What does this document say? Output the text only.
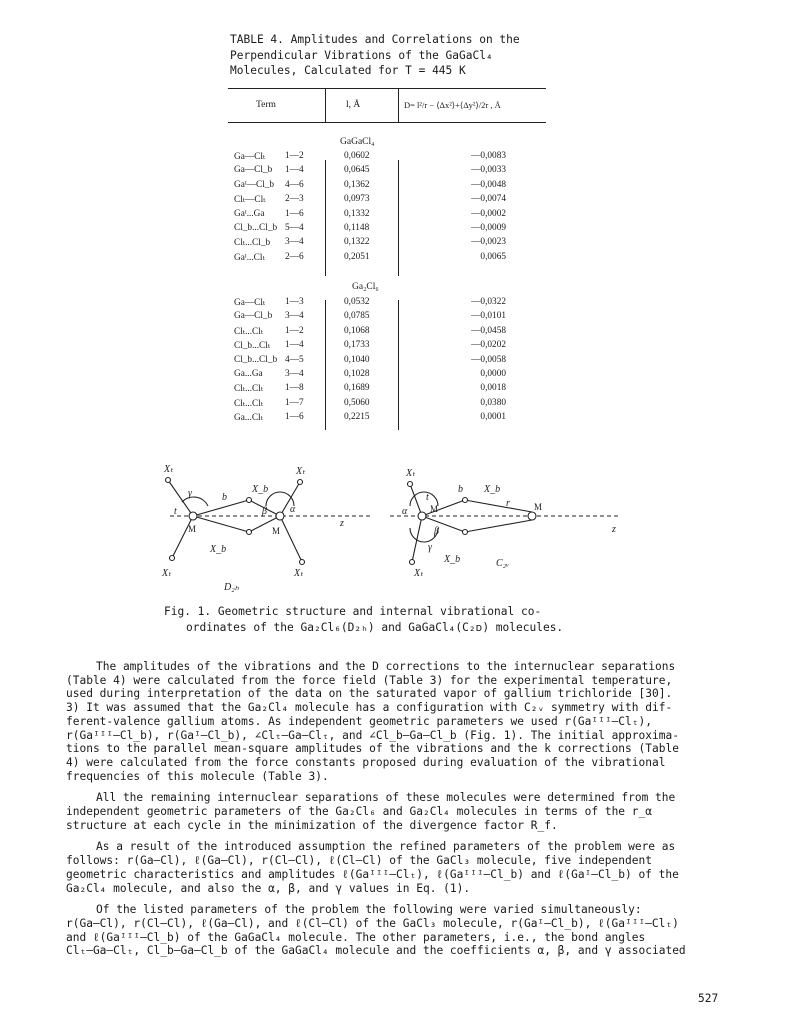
TABLE 4. Amplitudes and Correlations on the
Perpendicular Vibrations of the GaGaCl₄
Molecules, Calculated for T = 445 K
Term	l, Å	D= l²/r − ⟨Δx²⟩+⟨Δy²⟩/2r , Å
GaGaCl₄
Ga—Clₜ 1—2	0,0602	—0,0083
Ga—Cl_b 1—4	0,0645	—0,0033
Gaᴵ—Cl_b 4—6	0,1362	—0,0048
Clₜ—Clₜ 2—3	0,0973	—0,0074
Gaᴵ...Ga 1—6	0,1332	—0,0002
Cl_b...Cl_b 5—4	0,1148	—0,0009
Clₜ...Cl_b 3—4	0,1322	—0,0023
Gaᴵ...Clₜ 2—6	0,2051	0,0065
Ga₂Cl₆
Ga—Clₜ 1—3	0,0532	—0,0322
Ga—Cl_b 3—4	0,0785	—0,0101
Clₜ...Clₜ 1—2	0,1068	—0,0458
Cl_b...Clₜ 1—4	0,1733	—0,0202
Cl_b...Cl_b 4—5	0,1040	—0,0058
Ga...Ga 3—4	0,1028	0,0000
Clₜ...Clₜ 1—8	0,1689	0,0018
Clₜ...Clₜ 1—7	0,5060	0,0380
Ga...Clₜ 1—6	0,2215	0,0001
Xₜ
X_b
Xₜ
X_b
Xₜ	Xₜ
t
γ	b
β α
M	M
z
D₂ₕ
Xₜ
t
b X_b
r
α	M	M
β
γ
X_b
Xₜ
z
C₂ᵥ
Fig. 1. Geometric structure and internal vibrational co-
ordinates of the Ga₂Cl₆(D₂ₕ) and GaGaCl₄(C₂ᴅ) molecules.
The amplitudes of the vibrations and the D corrections to the internuclear separations
(Table 4) were calculated from the force field (Table 3) for the experimental temperature,
used during interpretation of the data on the saturated vapor of gallium trichloride [30].
3) It was assumed that the Ga₂Cl₄ molecule has a configuration with C₂ᵥ symmetry with dif-
ferent-valence gallium atoms. As independent geometric parameters we used r(Gaᴵᴵᴵ–Clₜ),
r(Gaᴵᴵᴵ–Cl_b), r(Gaᴵ–Cl_b), ∠Clₜ–Ga–Clₜ, and ∠Cl_b–Ga–Cl_b (Fig. 1). The initial approxima-
tions to the parallel mean-square amplitudes of the vibrations and the k corrections (Table
4) were calculated from the force constants proposed during evaluation of the vibrational
frequencies of this molecule (Table 3).
All the remaining internuclear separations of these molecules were determined from the
independent geometric parameters of the Ga₂Cl₆ and Ga₂Cl₄ molecules in terms of the r_α
structure at each cycle in the minimization of the divergence factor R_f.
As a result of the introduced assumption the refined parameters of the problem were as
follows: r(Ga–Cl), ℓ(Ga–Cl), r(Cl–Cl), ℓ(Cl–Cl) of the GaCl₃ molecule, five independent
geometric characteristics and amplitudes ℓ(Gaᴵᴵᴵ–Clₜ), ℓ(Gaᴵᴵᴵ–Cl_b) and ℓ(Gaᴵ–Cl_b) of the
Ga₂Cl₄ molecule, and also the α, β, and γ values in Eq. (1).
Of the listed parameters of the problem the following were varied simultaneously:
r(Ga–Cl), r(Cl–Cl), ℓ(Ga–Cl), and ℓ(Cl–Cl) of the GaCl₃ molecule, r(Gaᴵ–Cl_b), ℓ(Gaᴵᴵᴵ–Clₜ)
and ℓ(Gaᴵᴵᴵ–Cl_b) of the GaGaCl₄ molecule. The other parameters, i.e., the bond angles
Clₜ–Ga–Clₜ, Cl_b–Ga–Cl_b of the GaGaCl₄ molecule and the coefficients α, β, and γ associated
527
